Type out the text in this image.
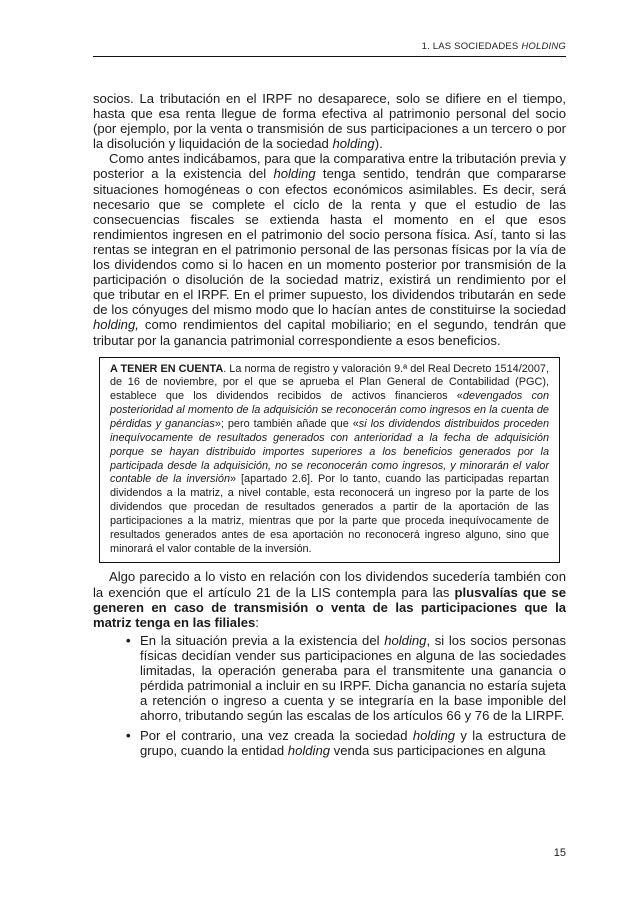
1. LAS SOCIEDADES HOLDING

socios. La tributación en el IRPF no desaparece, solo se difiere en el tiempo, hasta que esa renta llegue de forma efectiva al patrimonio personal del socio (por ejemplo, por la venta o transmisión de sus participaciones a un tercero o por la disolución y liquidación de la sociedad holding).

Como antes indicábamos, para que la comparativa entre la tributación previa y posterior a la existencia del holding tenga sentido, tendrán que compararse situaciones homogéneas o con efectos económicos asimilables. Es decir, será necesario que se complete el ciclo de la renta y que el estudio de las consecuencias fiscales se extienda hasta el momento en el que esos rendimientos ingresen en el patrimonio del socio persona física. Así, tanto si las rentas se integran en el patrimonio personal de las personas físicas por la vía de los dividendos como si lo hacen en un momento posterior por transmisión de la participación o disolución de la sociedad matriz, existirá un rendimiento por el que tributar en el IRPF. En el primer supuesto, los dividendos tributarán en sede de los cónyuges del mismo modo que lo hacían antes de constituirse la sociedad holding, como rendimientos del capital mobiliario; en el segundo, tendrán que tributar por la ganancia patrimonial correspondiente a esos beneficios.

A TENER EN CUENTA. La norma de registro y valoración 9.ª del Real Decreto 1514/2007, de 16 de noviembre, por el que se aprueba el Plan General de Contabilidad (PGC), establece que los dividendos recibidos de activos financieros «devengados con posterioridad al momento de la adquisición se reconocerán como ingresos en la cuenta de pérdidas y ganancias»; pero también añade que «si los dividendos distribuidos proceden inequívocamente de resultados generados con anterioridad a la fecha de adquisición porque se hayan distribuido importes superiores a los beneficios generados por la participada desde la adquisición, no se reconocerán como ingresos, y minorarán el valor contable de la inversión» [apartado 2.6]. Por lo tanto, cuando las participadas repartan dividendos a la matriz, a nivel contable, esta reconocerá un ingreso por la parte de los dividendos que procedan de resultados generados a partir de la aportación de las participaciones a la matriz, mientras que por la parte que proceda inequívocamente de resultados generados antes de esa aportación no reconocerá ingreso alguno, sino que minorará el valor contable de la inversión.

Algo parecido a lo visto en relación con los dividendos sucedería también con la exención que el artículo 21 de la LIS contempla para las plusvalías que se generen en caso de transmisión o venta de las participaciones que la matriz tenga en las filiales:

• En la situación previa a la existencia del holding, si los socios personas físicas decidían vender sus participaciones en alguna de las sociedades limitadas, la operación generaba para el transmitente una ganancia o pérdida patrimonial a incluir en su IRPF. Dicha ganancia no estaría sujeta a retención o ingreso a cuenta y se integraría en la base imponible del ahorro, tributando según las escalas de los artículos 66 y 76 de la LIRPF.
• Por el contrario, una vez creada la sociedad holding y la estructura de grupo, cuando la entidad holding venda sus participaciones en alguna
15
